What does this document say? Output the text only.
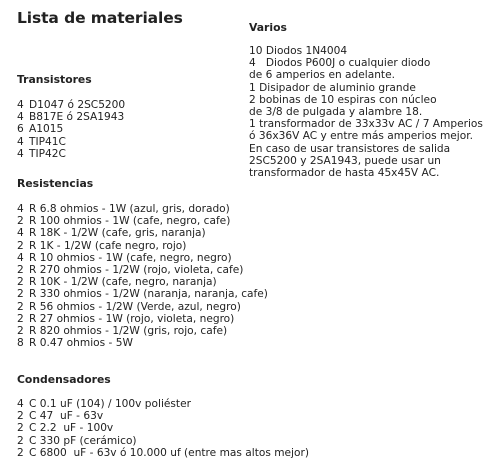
Lista de materiales
Varios
10 Diodos 1N4004
4   Diodos P600J o cualquier diodo
de 6 amperios en adelante.
1 Disipador de aluminio grande
2 bobinas de 10 espiras con núcleo
de 3/8 de pulgada y alambre 18.
1 transformador de 33x33v AC / 7 Amperios
ó 36x36V AC y entre más amperios mejor.
En caso de usar transistores de salida
2SC5200 y 2SA1943, puede usar un
transformador de hasta 45x45V AC.
Transistores
4 D1047 ó 2SC5200
4 B817E ó 2SA1943
6 A1015
4 TIP41C
4 TIP42C
Resistencias
4 R 6.8 ohmios - 1W (azul, gris, dorado)
2 R 100 ohmios - 1W (cafe, negro, cafe)
4 R 18K - 1/2W (cafe, gris, naranja)
2 R 1K - 1/2W (cafe negro, rojo)
4 R 10 ohmios - 1W (cafe, negro, negro)
2 R 270 ohmios - 1/2W (rojo, violeta, cafe)
2 R 10K - 1/2W (cafe, negro, naranja)
2 R 330 ohmios - 1/2W (naranja, naranja, cafe)
2 R 56 ohmios - 1/2W (Verde, azul, negro)
2 R 27 ohmios - 1W (rojo, violeta, negro)
2 R 820 ohmios - 1/2W (gris, rojo, cafe)
8 R 0.47 ohmios - 5W
Condensadores
4 C 0.1 uF (104) / 100v poliéster
2 C 47  uF - 63v
2 C 2.2  uF - 100v
2 C 330 pF (cerámico)
2 C 6800  uF - 63v ó 10.000 uf (entre mas altos mejor)
